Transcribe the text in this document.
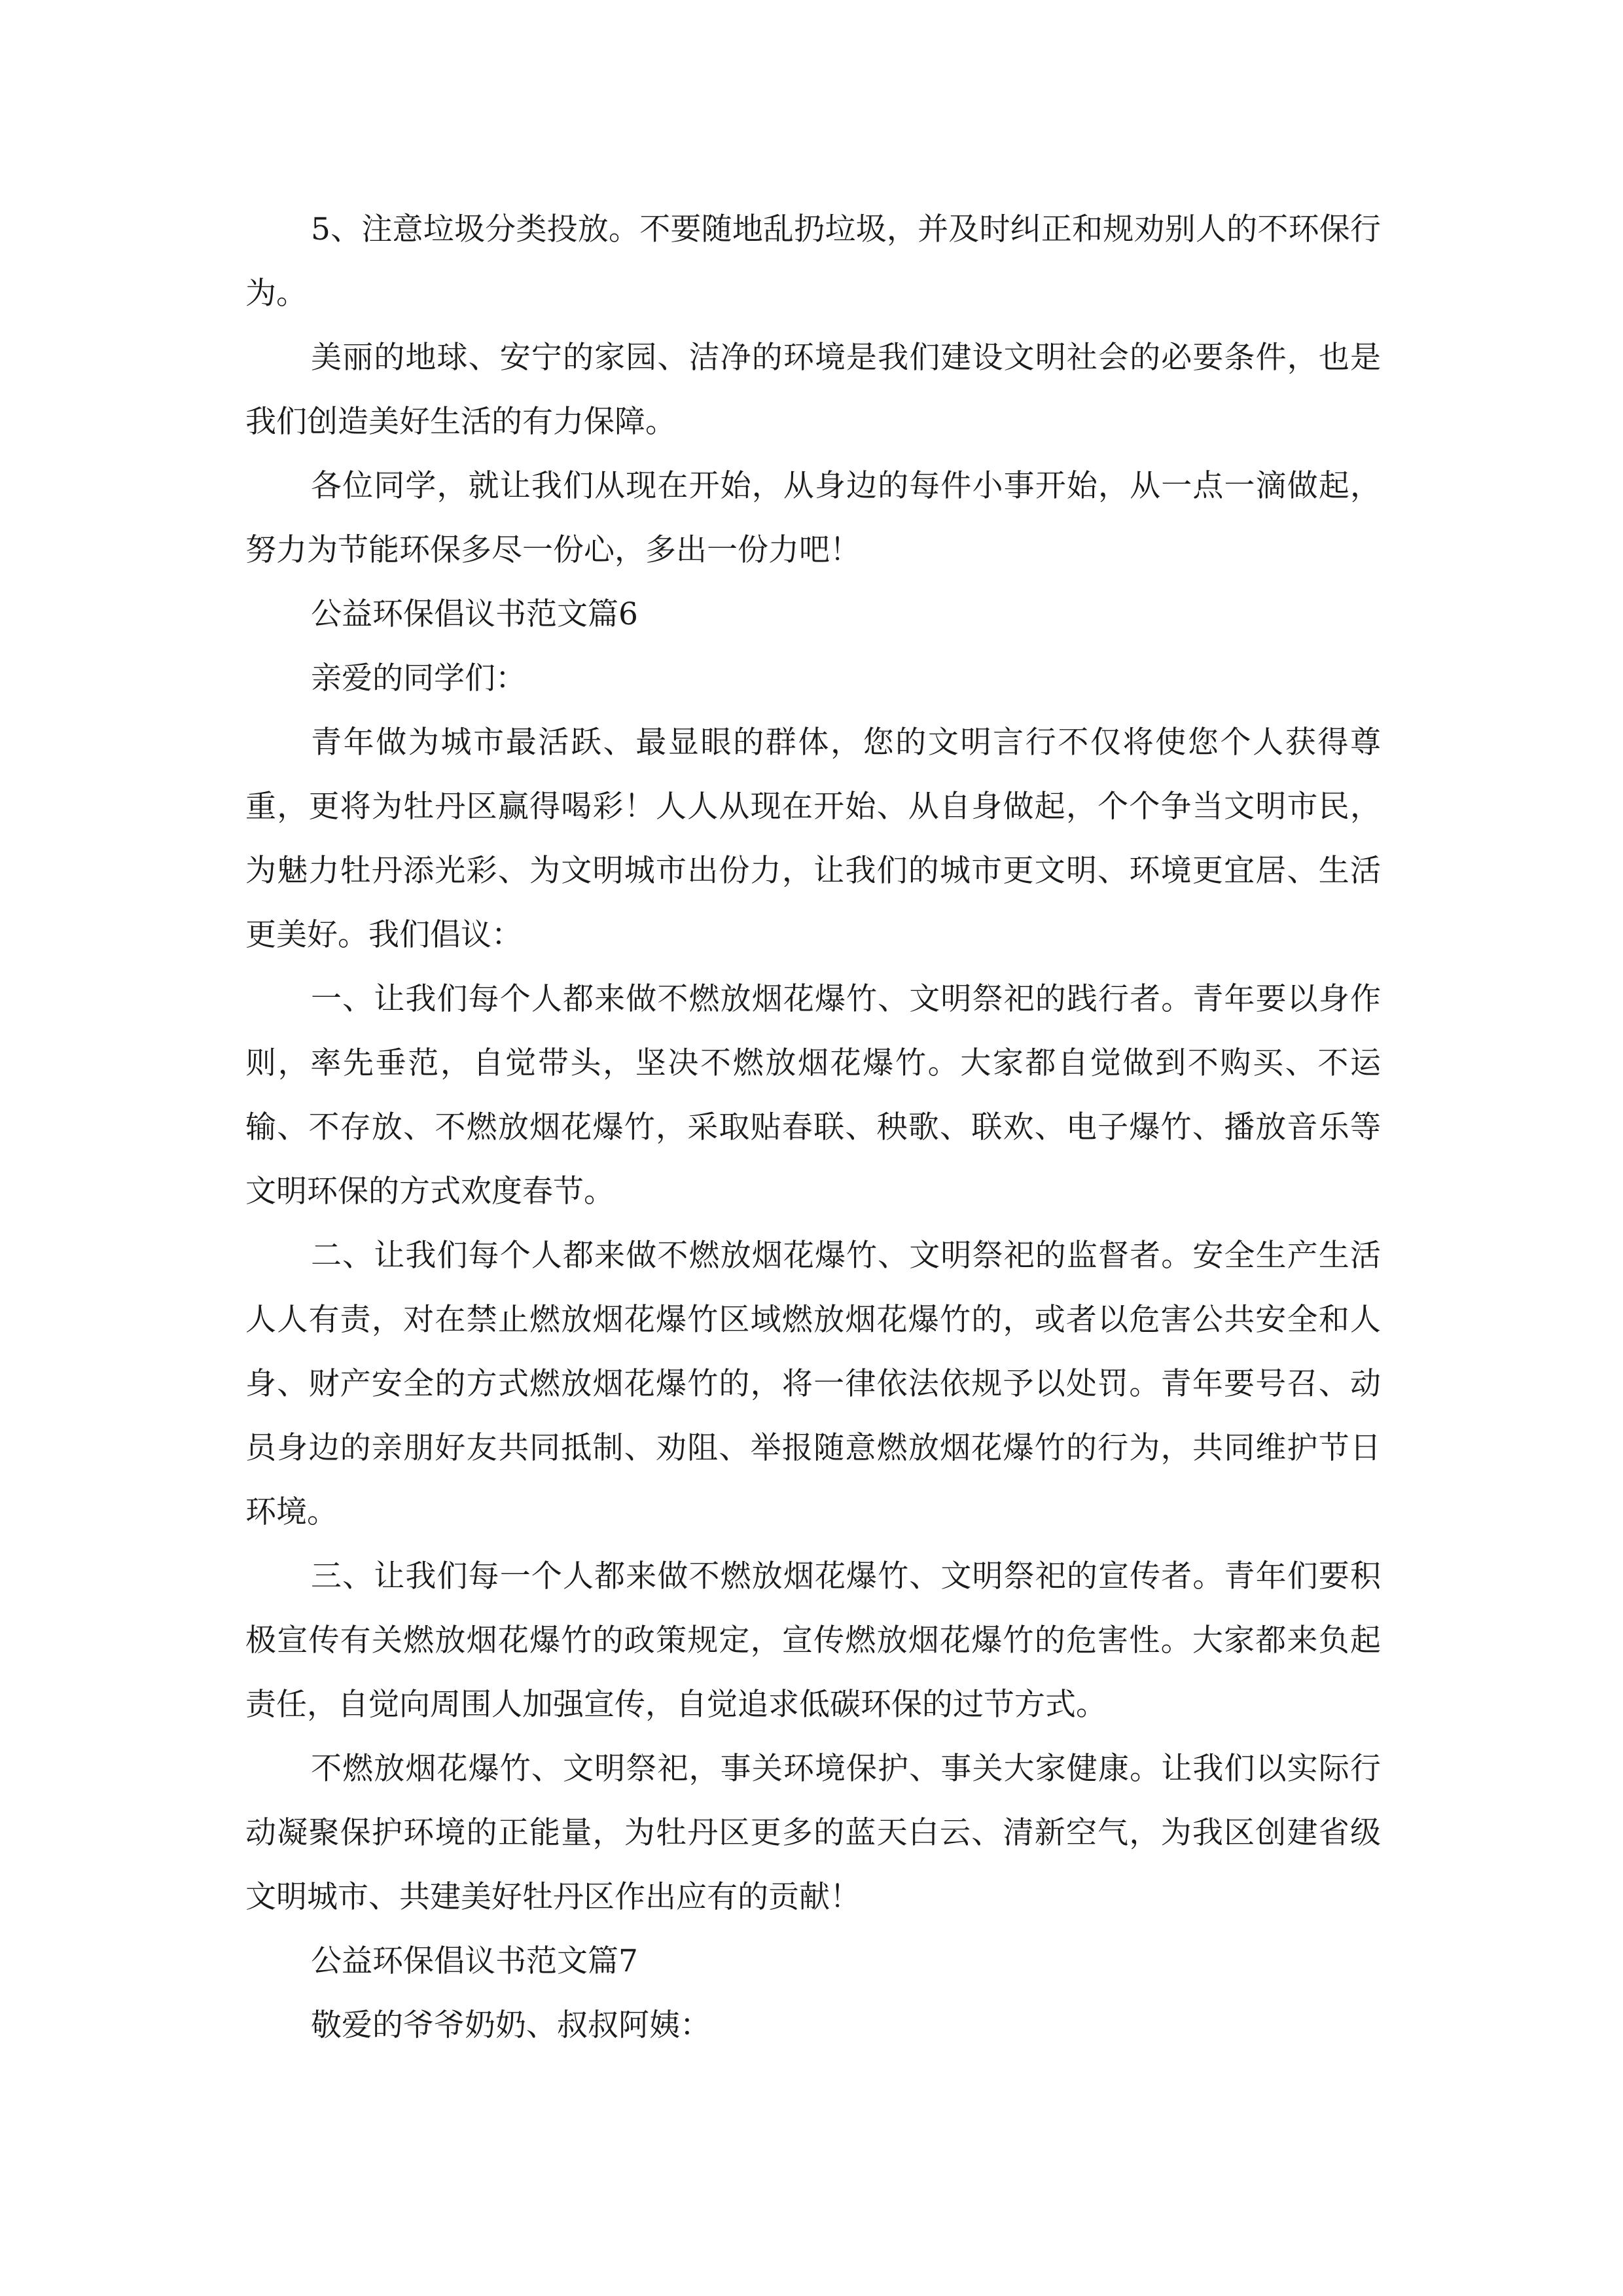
5、注意垃圾分类投放。不要随地乱扔垃圾，并及时纠正和规劝别人的不环保行为。

美丽的地球、安宁的家园、洁净的环境是我们建设文明社会的必要条件，也是我们创造美好生活的有力保障。

各位同学，就让我们从现在开始，从身边的每件小事开始，从一点一滴做起，努力为节能环保多尽一份心，多出一份力吧！

公益环保倡议书范文篇6

亲爱的同学们：

青年做为城市最活跃、最显眼的群体，您的文明言行不仅将使您个人获得尊重，更将为牡丹区赢得喝彩！人人从现在开始、从自身做起，个个争当文明市民，为魅力牡丹添光彩、为文明城市出份力，让我们的城市更文明、环境更宜居、生活更美好。我们倡议：

一、让我们每个人都来做不燃放烟花爆竹、文明祭祀的践行者。青年要以身作则，率先垂范，自觉带头，坚决不燃放烟花爆竹。大家都自觉做到不购买、不运输、不存放、不燃放烟花爆竹，采取贴春联、秧歌、联欢、电子爆竹、播放音乐等文明环保的方式欢度春节。

二、让我们每个人都来做不燃放烟花爆竹、文明祭祀的监督者。安全生产生活人人有责，对在禁止燃放烟花爆竹区域燃放烟花爆竹的，或者以危害公共安全和人身、财产安全的方式燃放烟花爆竹的，将一律依法依规予以处罚。青年要号召、动员身边的亲朋好友共同抵制、劝阻、举报随意燃放烟花爆竹的行为，共同维护节日环境。

三、让我们每一个人都来做不燃放烟花爆竹、文明祭祀的宣传者。青年们要积极宣传有关燃放烟花爆竹的政策规定，宣传燃放烟花爆竹的危害性。大家都来负起责任，自觉向周围人加强宣传，自觉追求低碳环保的过节方式。

不燃放烟花爆竹、文明祭祀，事关环境保护、事关大家健康。让我们以实际行动凝聚保护环境的正能量，为牡丹区更多的蓝天白云、清新空气，为我区创建省级文明城市、共建美好牡丹区作出应有的贡献！

公益环保倡议书范文篇7

敬爱的爷爷奶奶、叔叔阿姨：
